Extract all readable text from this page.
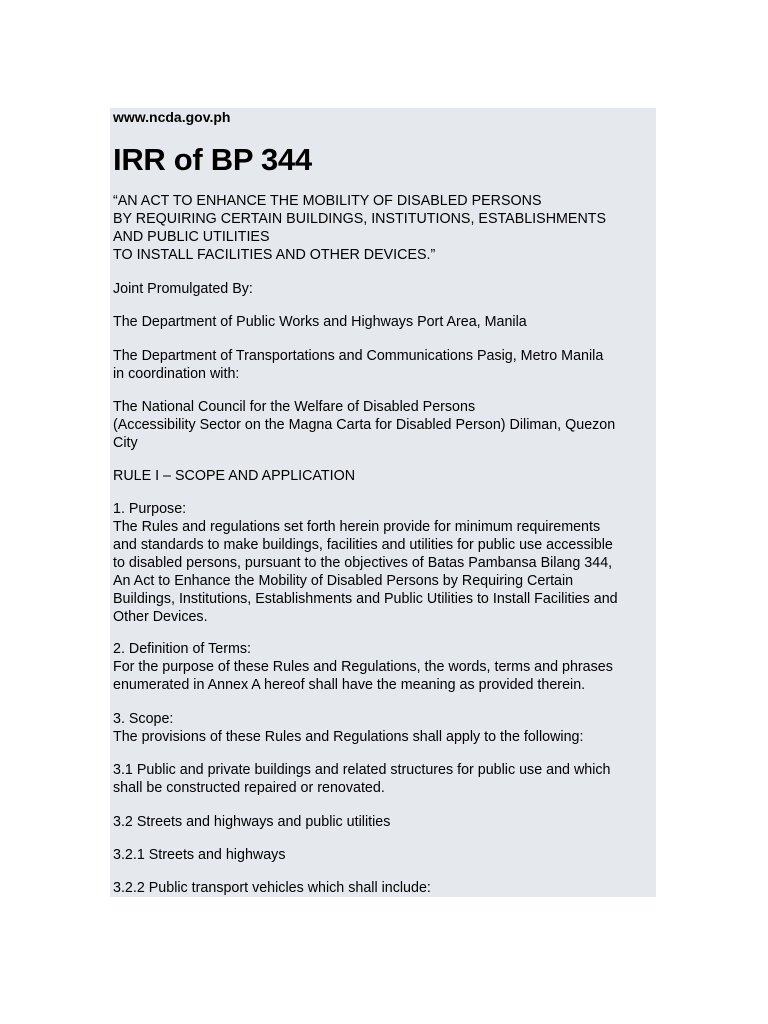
www.ncda.gov.ph
IRR of BP 344
“AN ACT TO ENHANCE THE MOBILITY OF DISABLED PERSONS
BY REQUIRING CERTAIN BUILDINGS, INSTITUTIONS, ESTABLISHMENTS
AND PUBLIC UTILITIES
TO INSTALL FACILITIES AND OTHER DEVICES.”
Joint Promulgated By:
The Department of Public Works and Highways Port Area, Manila
The Department of Transportations and Communications Pasig, Metro Manila
in coordination with:
The National Council for the Welfare of Disabled Persons
(Accessibility Sector on the Magna Carta for Disabled Person) Diliman, Quezon
City
RULE I – SCOPE AND APPLICATION
1. Purpose:
The Rules and regulations set forth herein provide for minimum requirements
and standards to make buildings, facilities and utilities for public use accessible
to disabled persons, pursuant to the objectives of Batas Pambansa Bilang 344,
An Act to Enhance the Mobility of Disabled Persons by Requiring Certain
Buildings, Institutions, Establishments and Public Utilities to Install Facilities and
Other Devices.
2. Definition of Terms:
For the purpose of these Rules and Regulations, the words, terms and phrases
enumerated in Annex A hereof shall have the meaning as provided therein.
3. Scope:
The provisions of these Rules and Regulations shall apply to the following:
3.1 Public and private buildings and related structures for public use and which
shall be constructed repaired or renovated.
3.2 Streets and highways and public utilities
3.2.1 Streets and highways
3.2.2 Public transport vehicles which shall include:
